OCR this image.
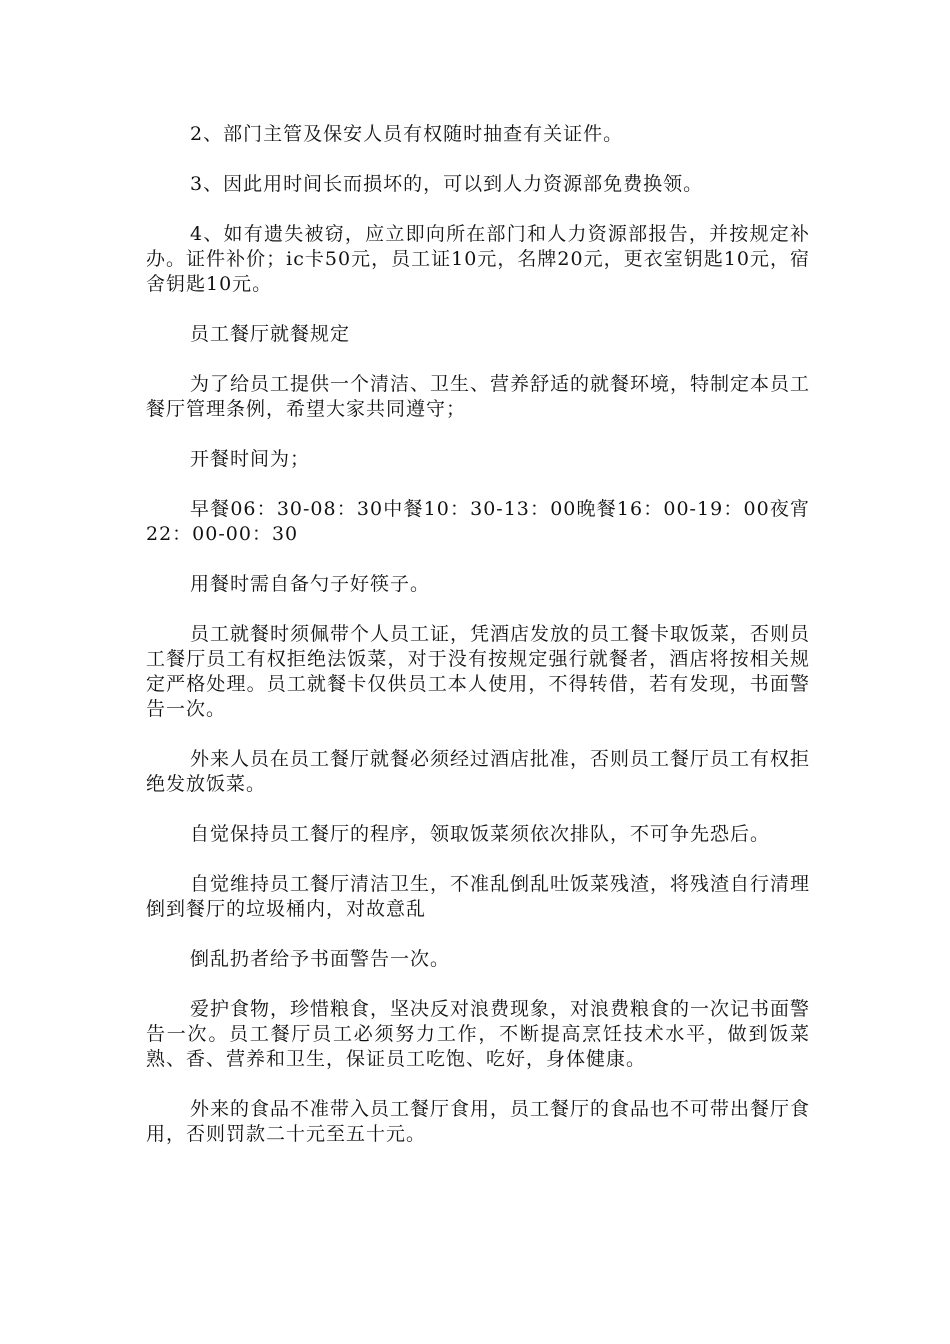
2、部门主管及保安人员有权随时抽查有关证件。

3、因此用时间长而损坏的，可以到人力资源部免费换领。

4、如有遗失被窃，应立即向所在部门和人力资源部报告，并按规定补办。证件补价；ic卡50元，员工证10元，名牌20元，更衣室钥匙10元，宿舍钥匙10元。

员工餐厅就餐规定

为了给员工提供一个清洁、卫生、营养舒适的就餐环境，特制定本员工餐厅管理条例，希望大家共同遵守；

开餐时间为；

早餐06：30-08：30中餐10：30-13：00晚餐16：00-19：00夜宵22：00-00：30

用餐时需自备勺子好筷子。

员工就餐时须佩带个人员工证，凭酒店发放的员工餐卡取饭菜，否则员工餐厅员工有权拒绝法饭菜，对于没有按规定强行就餐者，酒店将按相关规定严格处理。员工就餐卡仅供员工本人使用，不得转借，若有发现，书面警告一次。

外来人员在员工餐厅就餐必须经过酒店批准，否则员工餐厅员工有权拒绝发放饭菜。

自觉保持员工餐厅的程序，领取饭菜须依次排队，不可争先恐后。

自觉维持员工餐厅清洁卫生，不准乱倒乱吐饭菜残渣，将残渣自行清理倒到餐厅的垃圾桶内，对故意乱

倒乱扔者给予书面警告一次。

爱护食物，珍惜粮食，坚决反对浪费现象，对浪费粮食的一次记书面警告一次。员工餐厅员工必须努力工作，不断提高烹饪技术水平，做到饭菜熟、香、营养和卫生，保证员工吃饱、吃好，身体健康。

外来的食品不准带入员工餐厅食用，员工餐厅的食品也不可带出餐厅食用，否则罚款二十元至五十元。
